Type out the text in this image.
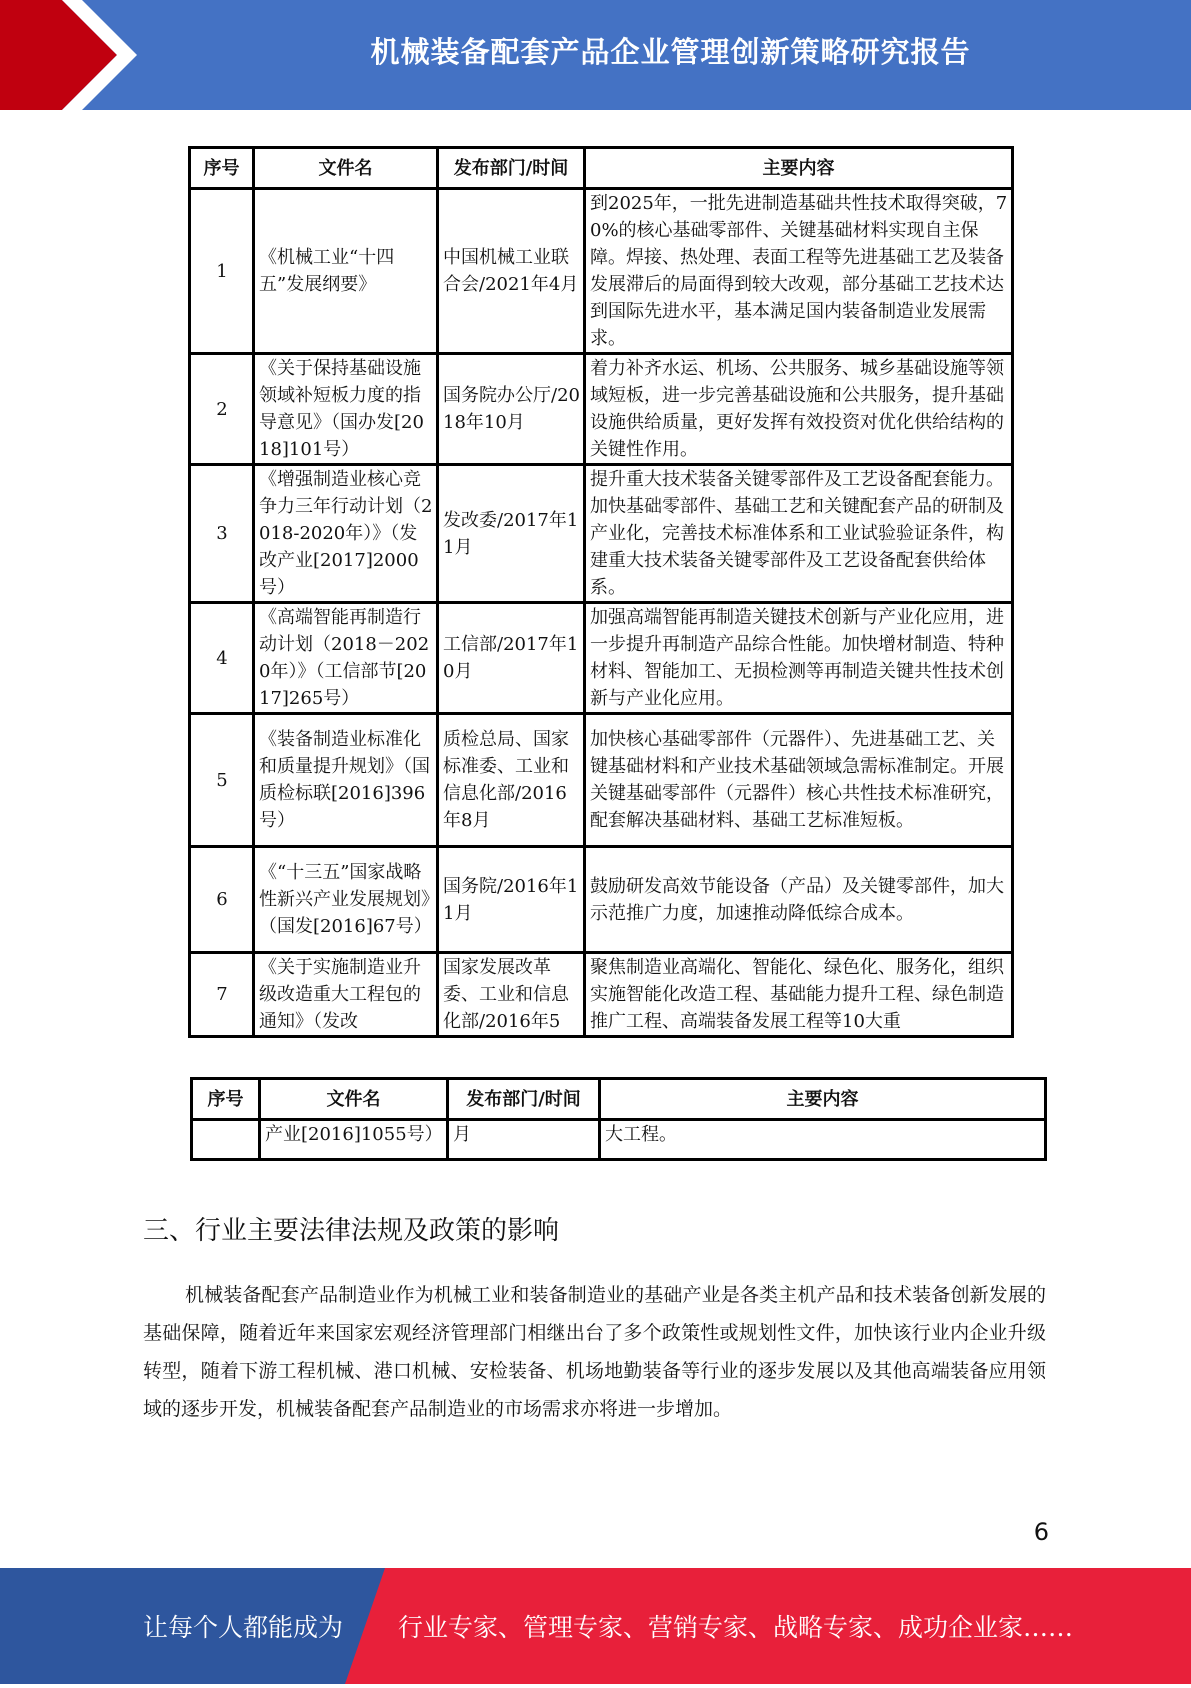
机械装备配套产品企业管理创新策略研究报告
序号	文件名	发布部门/时间	主要内容
1	《机械工业“十四五”发展纲要》	中国机械工业联合会/2021年4月	到2025年，一批先进制造基础共性技术取得突破，70%的核心基础零部件、关键基础材料实现自主保障。焊接、热处理、表面工程等先进基础工艺及装备发展滞后的局面得到较大改观，部分基础工艺技术达到国际先进水平，基本满足国内装备制造业发展需求。
2	《关于保持基础设施领域补短板力度的指导意见》（国办发[2018]101号）	国务院办公厅/2018年10月	着力补齐水运、机场、公共服务、城乡基础设施等领域短板，进一步完善基础设施和公共服务，提升基础设施供给质量，更好发挥有效投资对优化供给结构的关键性作用。
3	《增强制造业核心竞争力三年行动计划（2018-2020年）》（发改产业[2017]2000号）	发改委/2017年11月	提升重大技术装备关键零部件及工艺设备配套能力。加快基础零部件、基础工艺和关键配套产品的研制及产业化，完善技术标准体系和工业试验验证条件，构建重大技术装备关键零部件及工艺设备配套供给体系。
4	《高端智能再制造行动计划（2018－2020年）》（工信部节[2017]265号）	工信部/2017年10月	加强高端智能再制造关键技术创新与产业化应用，进一步提升再制造产品综合性能。加快增材制造、特种材料、智能加工、无损检测等再制造关键共性技术创新与产业化应用。
5	《装备制造业标准化和质量提升规划》（国质检标联[2016]396号）	质检总局、国家标准委、工业和信息化部/2016年8月	加快核心基础零部件（元器件）、先进基础工艺、关键基础材料和产业技术基础领域急需标准制定。开展关键基础零部件（元器件）核心共性技术标准研究，配套解决基础材料、基础工艺标准短板。
6	《“十三五”国家战略性新兴产业发展规划》（国发[2016]67号）	国务院/2016年11月	鼓励研发高效节能设备（产品）及关键零部件，加大示范推广力度，加速推动降低综合成本。
7	《关于实施制造业升级改造重大工程包的通知》（发改	国家发展改革委、工业和信息化部/2016年5	聚焦制造业高端化、智能化、绿色化、服务化，组织实施智能化改造工程、基础能力提升工程、绿色制造推广工程、高端装备发展工程等10大重
序号	文件名	发布部门/时间	主要内容
	产业[2016]1055号）	月	大工程。
三、行业主要法律法规及政策的影响
机械装备配套产品制造业作为机械工业和装备制造业的基础产业是各类主机产品和技术装备创新发展的基础保障，随着近年来国家宏观经济管理部门相继出台了多个政策性或规划性文件，加快该行业内企业升级转型，随着下游工程机械、港口机械、安检装备、机场地勤装备等行业的逐步发展以及其他高端装备应用领域的逐步开发，机械装备配套产品制造业的市场需求亦将进一步增加。
6
让每个人都能成为 行业专家、管理专家、营销专家、战略专家、成功企业家……
